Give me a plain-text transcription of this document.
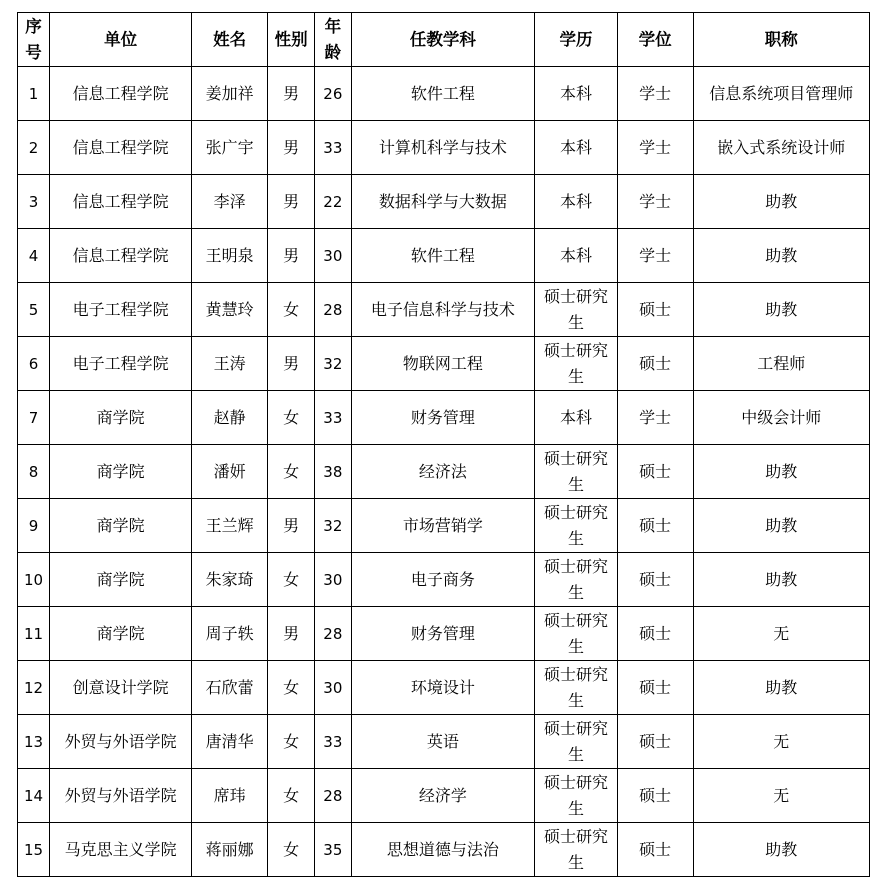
序号	单位	姓名	性别	年龄	任教学科	学历	学位	职称
1	信息工程学院	姜加祥	男	26	软件工程	本科	学士	信息系统项目管理师
2	信息工程学院	张广宇	男	33	计算机科学与技术	本科	学士	嵌入式系统设计师
3	信息工程学院	李泽	男	22	数据科学与大数据	本科	学士	助教
4	信息工程学院	王明泉	男	30	软件工程	本科	学士	助教
5	电子工程学院	黄慧玲	女	28	电子信息科学与技术	硕士研究生	硕士	助教
6	电子工程学院	王涛	男	32	物联网工程	硕士研究生	硕士	工程师
7	商学院	赵静	女	33	财务管理	本科	学士	中级会计师
8	商学院	潘妍	女	38	经济法	硕士研究生	硕士	助教
9	商学院	王兰辉	男	32	市场营销学	硕士研究生	硕士	助教
10	商学院	朱家琦	女	30	电子商务	硕士研究生	硕士	助教
11	商学院	周子轶	男	28	财务管理	硕士研究生	硕士	无
12	创意设计学院	石欣蕾	女	30	环境设计	硕士研究生	硕士	助教
13	外贸与外语学院	唐清华	女	33	英语	硕士研究生	硕士	无
14	外贸与外语学院	席玮	女	28	经济学	硕士研究生	硕士	无
15	马克思主义学院	蒋丽娜	女	35	思想道德与法治	硕士研究生	硕士	助教
